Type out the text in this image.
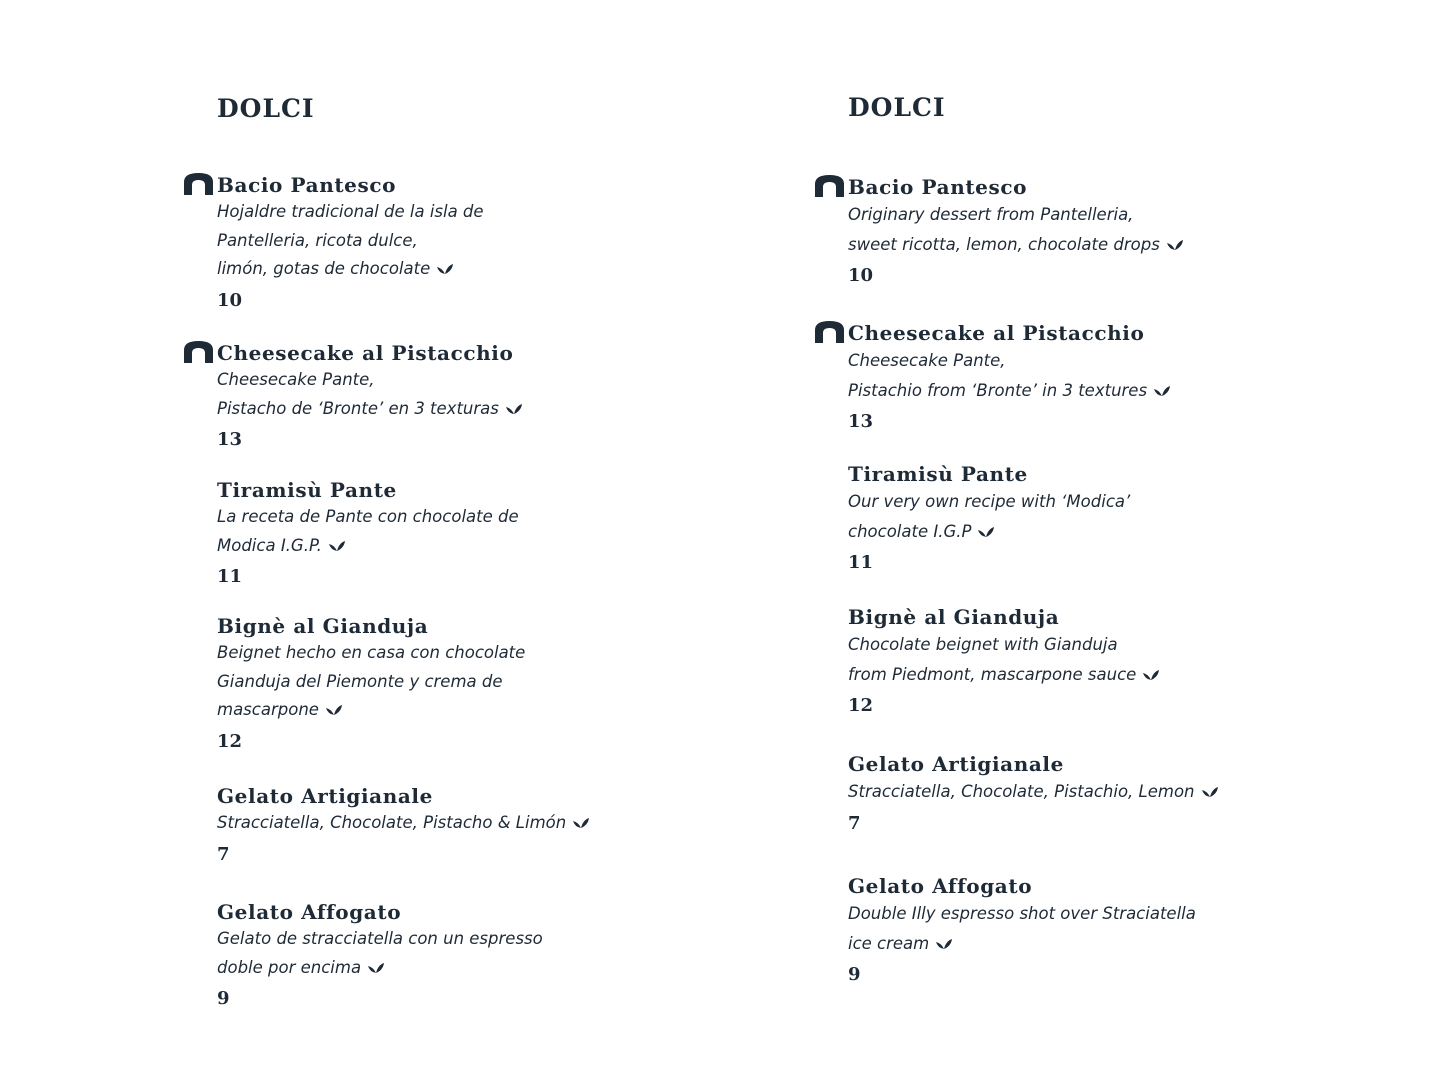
DOLCI
Bacio Pantesco
Hojaldre tradicional de la isla de
Pantelleria, ricota dulce,
limón, gotas de chocolate
10
Cheesecake al Pistacchio
Cheesecake Pante,
Pistacho de ‘Bronte’ en 3 texturas
13
Tiramisù Pante
La receta de Pante con chocolate de
Modica I.G.P.
11
Bignè al Gianduja
Beignet hecho en casa con chocolate
Gianduja del Piemonte y crema de
mascarpone
12
Gelato Artigianale
Stracciatella, Chocolate, Pistacho & Limón
7
Gelato Affogato
Gelato de stracciatella con un espresso
doble por encima
9
DOLCI
Bacio Pantesco
Originary dessert from Pantelleria,
sweet ricotta, lemon, chocolate drops
10
Cheesecake al Pistacchio
Cheesecake Pante,
Pistachio from ‘Bronte’ in 3 textures
13
Tiramisù Pante
Our very own recipe with ‘Modica’
chocolate I.G.P
11
Bignè al Gianduja
Chocolate beignet with Gianduja
from Piedmont, mascarpone sauce
12
Gelato Artigianale
Stracciatella, Chocolate, Pistachio, Lemon
7
Gelato Affogato
Double Illy espresso shot over Straciatella
ice cream
9
